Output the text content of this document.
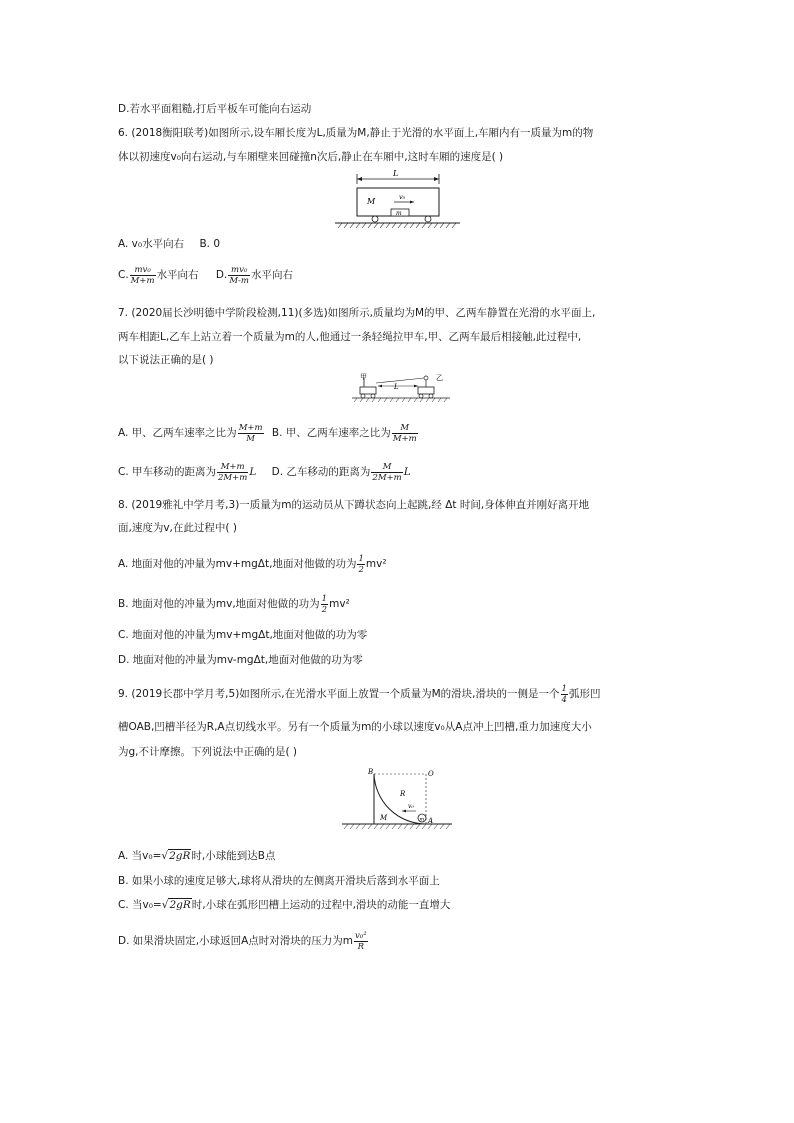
D.若水平面粗糙,打后平板车可能向右运动
6. (2018衡阳联考)如图所示,设车厢长度为L,质量为M,静止于光滑的水平面上,车厢内有一质量为m的物
体以初速度v₀向右运动,与车厢壁来回碰撞n次后,静止在车厢中,这时车厢的速度是( )
L
M	v₀
m
A. v₀水平向右 B. 0
C. $\frac{\text{mv₀}}{M+m}$ 水平向右 D. $\frac{\text{mv₀}}{M-m}$ 水平向右
7. (2020届长沙明德中学阶段检测,11)(多选)如图所示,质量均为M的甲、乙两车静置在光滑的水平面上,
两车相距L,乙车上站立着一个质量为m的人,他通过一条轻绳拉甲车,甲、乙两车最后相接触,此过程中,
以下说法正确的是( )
甲
L
乙
A. 甲、乙两车速率之比为 $\frac{M+m}{M} B$. 甲、乙两车速率之比为 $\frac{M}{M+m}$
C. 甲车移动的距离为 $\frac{M+m}{2M+m}$ L D. 乙车移动的距离为 $\frac{M}{2M+m}$ L
8. (2019雅礼中学月考,3)一质量为m的运动员从下蹲状态向上起跳,经 Δt 时间,身体伸直并刚好离开地
面,速度为v,在此过程中( )
A. 地面对他的冲量为mv+mgΔt,地面对他做的功为 $\frac{1}{2} mv^2$
B. 地面对他的冲量为mv,地面对他做的功为 $\frac{1}{2} mv^2$
C. 地面对他的冲量为mv+mgΔt,地面对他做的功为零
D. 地面对他的冲量为mv-mgΔt,地面对他做的功为零
9. (2019长郡中学月考,5)如图所示,在光滑水平面上放置一个质量为M的滑块,滑块的一侧是一个 $\frac{1}{4}$ 弧形凹
槽OAB,凹槽半径为R,A点切线水平。另有一个质量为m的小球以速度v₀从A点冲上凹槽,重力加速度大小
为g,不计摩擦。下列说法中正确的是( )
B	O
R
v₀
m A
M
A. 当v₀=√2gR时,小球能到达B点
B. 如果小球的速度足够大,球将从滑块的左侧离开滑块后落到水平面上
C. 当v₀=√2gR时,小球在弧形凹槽上运动的过程中,滑块的动能一直增大
D. 如果滑块固定,小球返回A点时对滑块的压力为m $\frac{\text{v₀²}}{R}$
